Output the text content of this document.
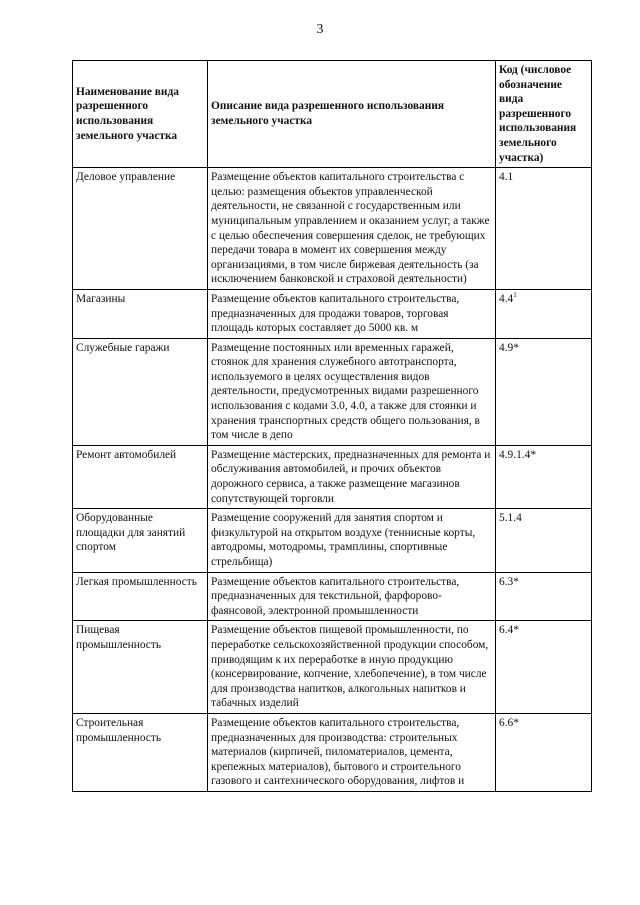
3
Наименование вида разрешенного использования земельного участка	Описание вида разрешенного использования земельного участка	Код (числовое обозначение вида разрешенного использования земельного участка)
Деловое управление	Размещение объектов капитального строительства с целью: размещения объектов управленческой деятельности, не связанной с государственным или муниципальным управлением и оказанием услуг, а также с целью обеспечения совершения сделок, не требующих передачи товара в момент их совершения между организациями, в том числе биржевая деятельность (за исключением банковской и страховой деятельности)	4.1
Магазины	Размещение объектов капитального строительства, предназначенных для продажи товаров, торговая площадь которых составляет до 5000 кв. м	$4.4^1$
Служебные гаражи	Размещение постоянных или временных гаражей, стоянок для хранения служебного автотранспорта, используемого в целях осуществления видов деятельности, предусмотренных видами разрешенного использования с кодами 3.0, 4.0, а также для стоянки и хранения транспортных средств общего пользования, в том числе в депо	4.9*
Ремонт автомобилей	Размещение мастерских, предназначенных для ремонта и обслуживания автомобилей, и прочих объектов дорожного сервиса, а также размещение магазинов сопутствующей торговли	4.9.1.4*
Оборудованные площадки для занятий спортом	Размещение сооружений для занятия спортом и физкультурой на открытом воздухе (теннисные корты, автодромы, мотодромы, трамплины, спортивные стрельбища)	5.1.4
Легкая промышленность	Размещение объектов капитального строительства, предназначенных для текстильной, фарфорово-фаянсовой, электронной промышленности	6.3*
Пищевая промышленность	Размещение объектов пищевой промышленности, по переработке сельскохозяйственной продукции способом, приводящим к их переработке в иную продукцию (консервирование, копчение, хлебопечение), в том числе для производства напитков, алкогольных напитков и табачных изделий	6.4*
Строительная промышленность	Размещение объектов капитального строительства, предназначенных для производства: строительных материалов (кирпичей, пиломатериалов, цемента, крепежных материалов), бытового и строительного газового и сантехнического оборудования, лифтов и	6.6*
